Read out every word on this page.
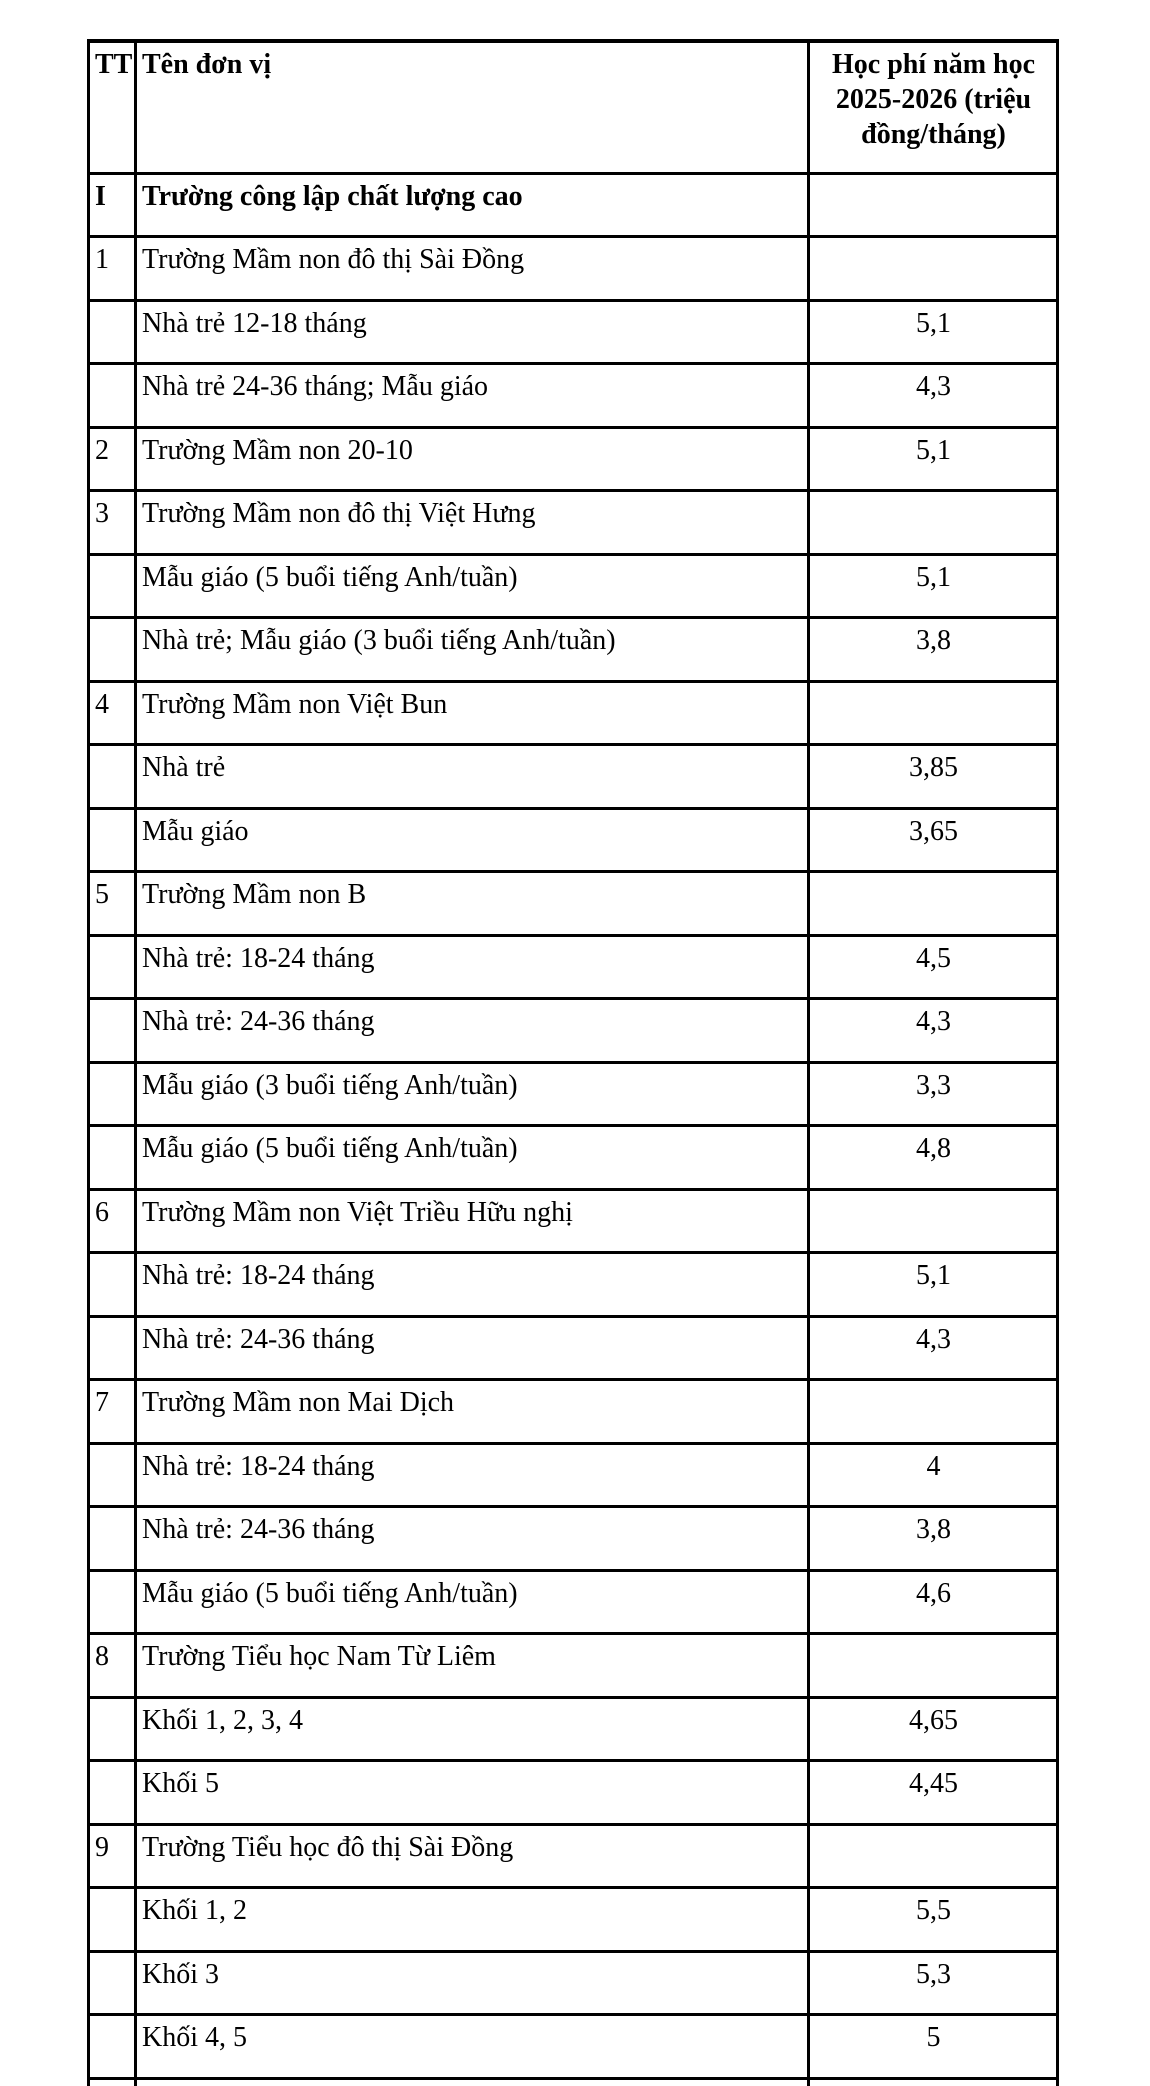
TT	Tên đơn vị	Học phí năm học 2025-2026 (triệu đồng/tháng)
I	Trường công lập chất lượng cao	
1	Trường Mầm non đô thị Sài Đồng	
	Nhà trẻ 12-18 tháng	5,1
	Nhà trẻ 24-36 tháng; Mẫu giáo	4,3
2	Trường Mầm non 20-10	5,1
3	Trường Mầm non đô thị Việt Hưng	
	Mẫu giáo (5 buổi tiếng Anh/tuần)	5,1
	Nhà trẻ; Mẫu giáo (3 buổi tiếng Anh/tuần)	3,8
4	Trường Mầm non Việt Bun	
	Nhà trẻ	3,85
	Mẫu giáo	3,65
5	Trường Mầm non B	
	Nhà trẻ: 18-24 tháng	4,5
	Nhà trẻ: 24-36 tháng	4,3
	Mẫu giáo (3 buổi tiếng Anh/tuần)	3,3
	Mẫu giáo (5 buổi tiếng Anh/tuần)	4,8
6	Trường Mầm non Việt Triều Hữu nghị	
	Nhà trẻ: 18-24 tháng	5,1
	Nhà trẻ: 24-36 tháng	4,3
7	Trường Mầm non Mai Dịch	
	Nhà trẻ: 18-24 tháng	4
	Nhà trẻ: 24-36 tháng	3,8
	Mẫu giáo (5 buổi tiếng Anh/tuần)	4,6
8	Trường Tiểu học Nam Từ Liêm	
	Khối 1, 2, 3, 4	4,65
	Khối 5	4,45
9	Trường Tiểu học đô thị Sài Đồng	
	Khối 1, 2	5,5
	Khối 3	5,3
	Khối 4, 5	5
